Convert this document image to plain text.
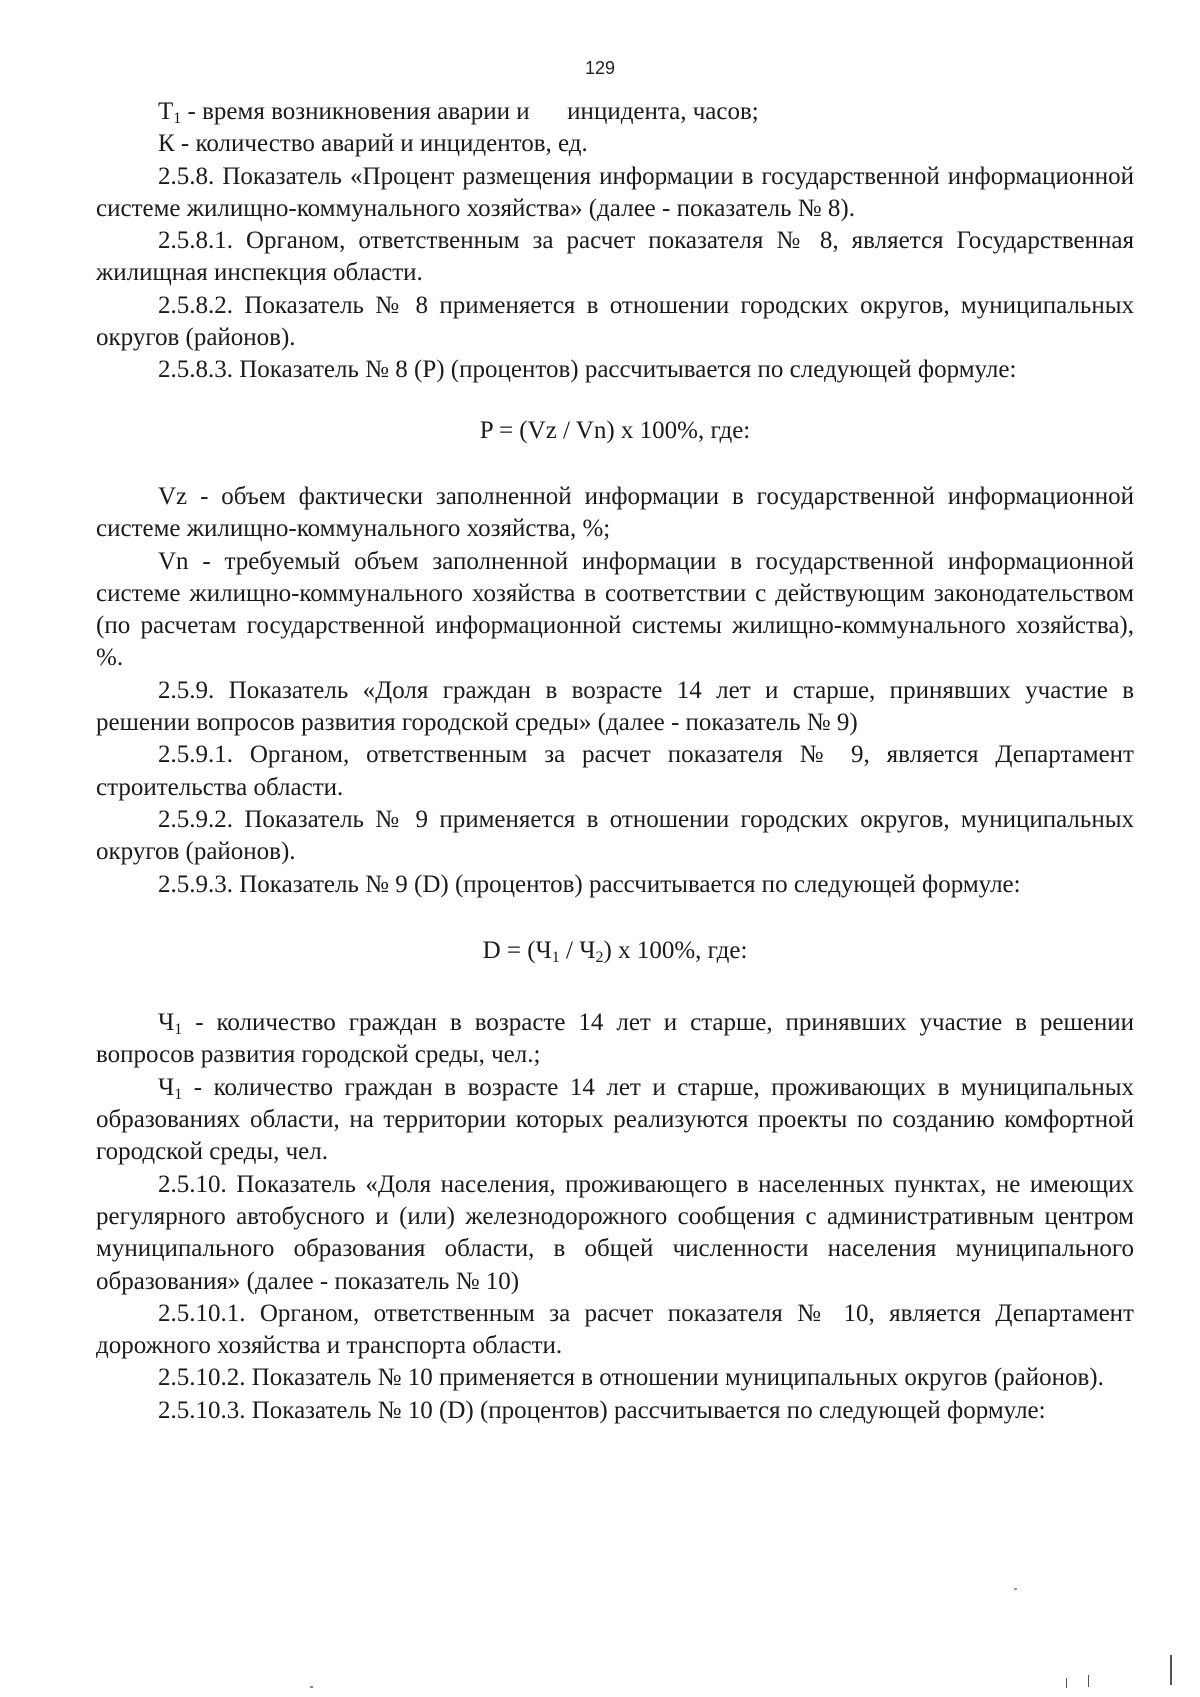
129

$T_1$ - время возникновения аварии и  инцидента, часов;

К - количество аварий и инцидентов, ед.

2.5.8. Показатель «Процент размещения информации в государственной информационной системе жилищно-коммунального хозяйства» (далее - показатель № 8).

2.5.8.1. Органом, ответственным за расчет показателя № 8, является Государственная жилищная инспекция области.

2.5.8.2. Показатель № 8 применяется в отношении городских округов, муниципальных округов (районов).

2.5.8.3. Показатель № 8 (P) (процентов) рассчитывается по следующей формуле:

P = (Vz / Vn) x 100%, где:

Vz - объем фактически заполненной информации в государственной информационной системе жилищно-коммунального хозяйства, %;

Vn - требуемый объем заполненной информации в государственной информационной системе жилищно-коммунального хозяйства в соответствии с действующим законодательством (по расчетам государственной информационной системы жилищно-коммунального хозяйства), %.

2.5.9. Показатель «Доля граждан в возрасте 14 лет и старше, принявших участие в решении вопросов развития городской среды» (далее - показатель № 9)

2.5.9.1. Органом, ответственным за расчет показателя № 9, является Департамент строительства области.

2.5.9.2. Показатель № 9 применяется в отношении городских округов, муниципальных округов (районов).

2.5.9.3. Показатель № 9 (D) (процентов) рассчитывается по следующей формуле:

$D = (Ч_1 / Ч_2)$ x 100%, где:

$Ч_1$ - количество граждан в возрасте 14 лет и старше, принявших участие в решении вопросов развития городской среды, чел.;

$Ч_1$ - количество граждан в возрасте 14 лет и старше, проживающих в муниципальных образованиях области, на территории которых реализуются проекты по созданию комфортной городской среды, чел.

2.5.10. Показатель «Доля населения, проживающего в населенных пунктах, не имеющих регулярного автобусного и (или) железнодорожного сообщения с административным центром муниципального образования области, в общей численности населения муниципального образования» (далее - показатель № 10)

2.5.10.1. Органом, ответственным за расчет показателя № 10, является Департамент дорожного хозяйства и транспорта области.

2.5.10.2. Показатель № 10 применяется в отношении муниципальных округов (районов).

2.5.10.3. Показатель № 10 (D) (процентов) рассчитывается по следующей формуле:
